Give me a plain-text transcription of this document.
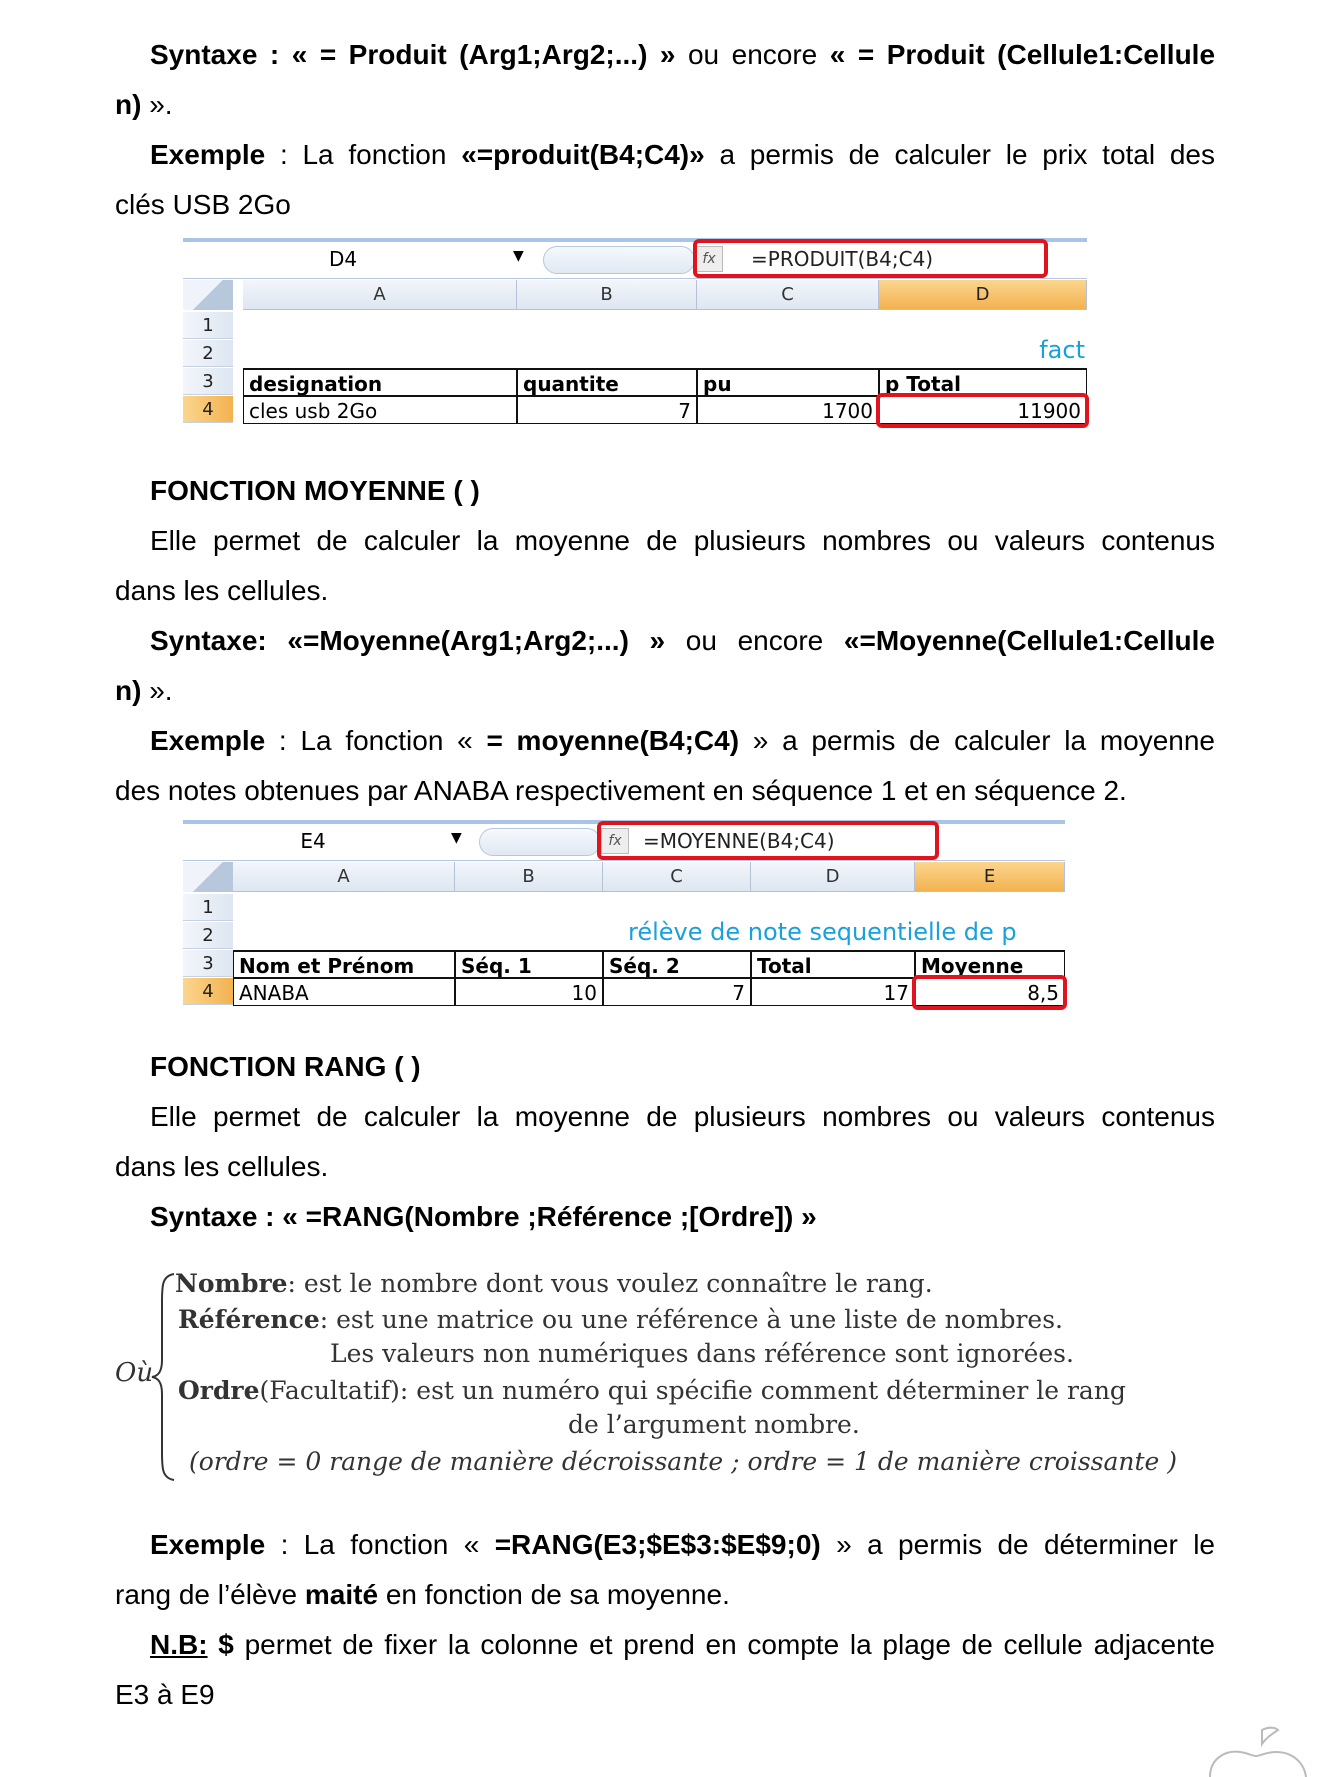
Syntaxe : « = Produit (Arg1;Arg2;...) » ou encore « = Produit (Cellule1:Cellule

n) ».

Exemple : La fonction «=produit(B4;C4)» a permis de calculer le prix total des

clés USB 2Go

D4	▼	fx	=PRODUIT(B4;C4)
A	B	C	D
1
2
3
4
fact
designation	quantite	pu	p Total
cles usb 2Go	7	1700	11900

FONCTION MOYENNE ( )

Elle permet de calculer la moyenne de plusieurs nombres ou valeurs contenus

dans les cellules.

Syntaxe: «=Moyenne(Arg1;Arg2;...) » ou encore «=Moyenne(Cellule1:Cellule

n) ».

Exemple : La fonction « = moyenne(B4;C4) » a permis de calculer la moyenne

des notes obtenues par ANABA respectivement en séquence 1 et en séquence 2.

E4	▼	fx	=MOYENNE(B4;C4)
A	B	C	D	E
1
2
3
4
rélève de note sequentielle de p
Nom et Prénom	Séq. 1	Séq. 2	Total	Moyenne
ANABA	10	7	17	8,5

FONCTION RANG ( )

Elle permet de calculer la moyenne de plusieurs nombres ou valeurs contenus

dans les cellules.

Syntaxe : « =RANG(Nombre ;Référence ;[Ordre]) »

Où
Nombre: est le nombre dont vous voulez connaître le rang.
Référence: est une matrice ou une référence à une liste de nombres.
Les valeurs non numériques dans référence sont ignorées.
Ordre(Facultatif): est un numéro qui spécifie comment déterminer le rang
de l’argument nombre.
(ordre = 0 range de manière décroissante ; ordre = 1 de manière croissante )

Exemple : La fonction « =RANG(E3;$E$3:$E$9;0) » a permis de déterminer le

rang de l’élève maité en fonction de sa moyenne.

N.B: $ permet de fixer la colonne et prend en compte la plage de cellule adjacente

E3 à E9
